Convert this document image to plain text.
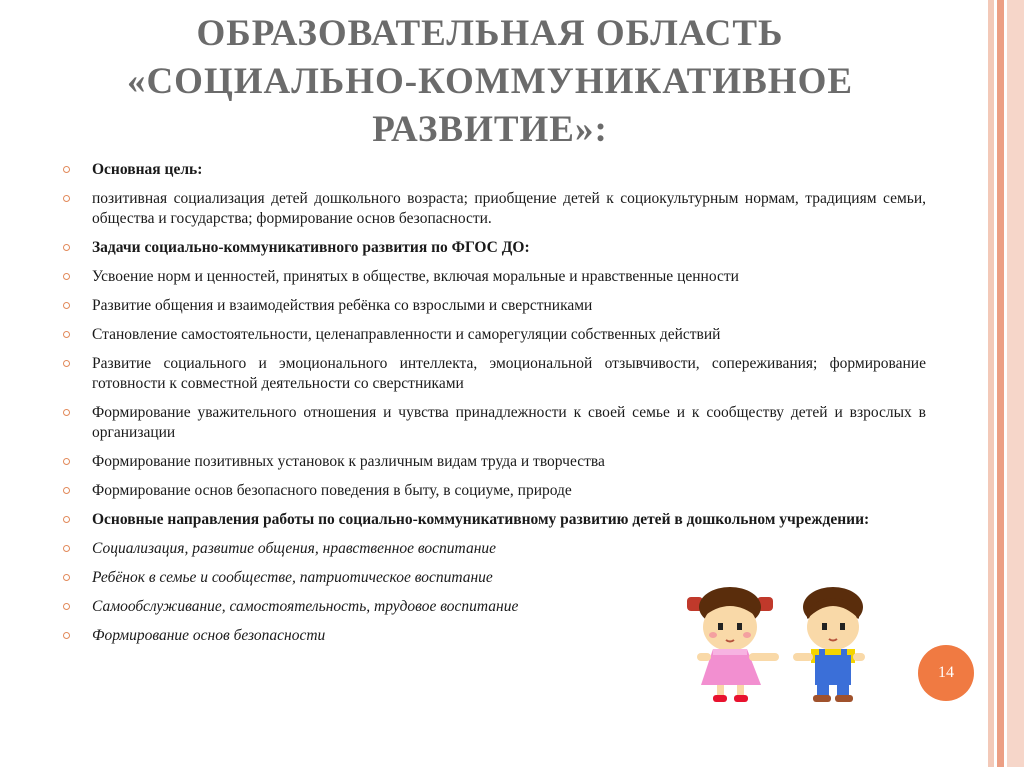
ОБРАЗОВАТЕЛЬНАЯ ОБЛАСТЬ
«СОЦИАЛЬНО-КОММУНИКАТИВНОЕ
РАЗВИТИЕ»:
Основная цель:
позитивная социализация детей дошкольного возраста; приобщение детей к социокультурным нормам, традициям семьи, общества и государства; формирование основ безопасности.
Задачи социально-коммуникативного развития по ФГОС ДО:
Усвоение норм и ценностей, принятых в обществе, включая моральные и нравственные ценности
Развитие общения и взаимодействия ребёнка со взрослыми и сверстниками
Становление самостоятельности, целенаправленности и саморегуляции собственных действий
Развитие социального и эмоционального интеллекта, эмоциональной отзывчивости, сопереживания; формирование готовности к совместной деятельности со сверстниками
Формирование уважительного отношения и чувства принадлежности к своей семье и к сообществу детей и взрослых в организации
Формирование позитивных установок к различным видам труда и творчества
Формирование основ безопасного поведения в быту, в социуме, природе
Основные направления работы по социально-коммуникативному развитию детей в дошкольном учреждении:
Социализация, развитие общения, нравственное воспитание
Ребёнок в семье и сообществе, патриотическое воспитание
Самообслуживание, самостоятельность, трудовое воспитание
Формирование основ безопасности
14
